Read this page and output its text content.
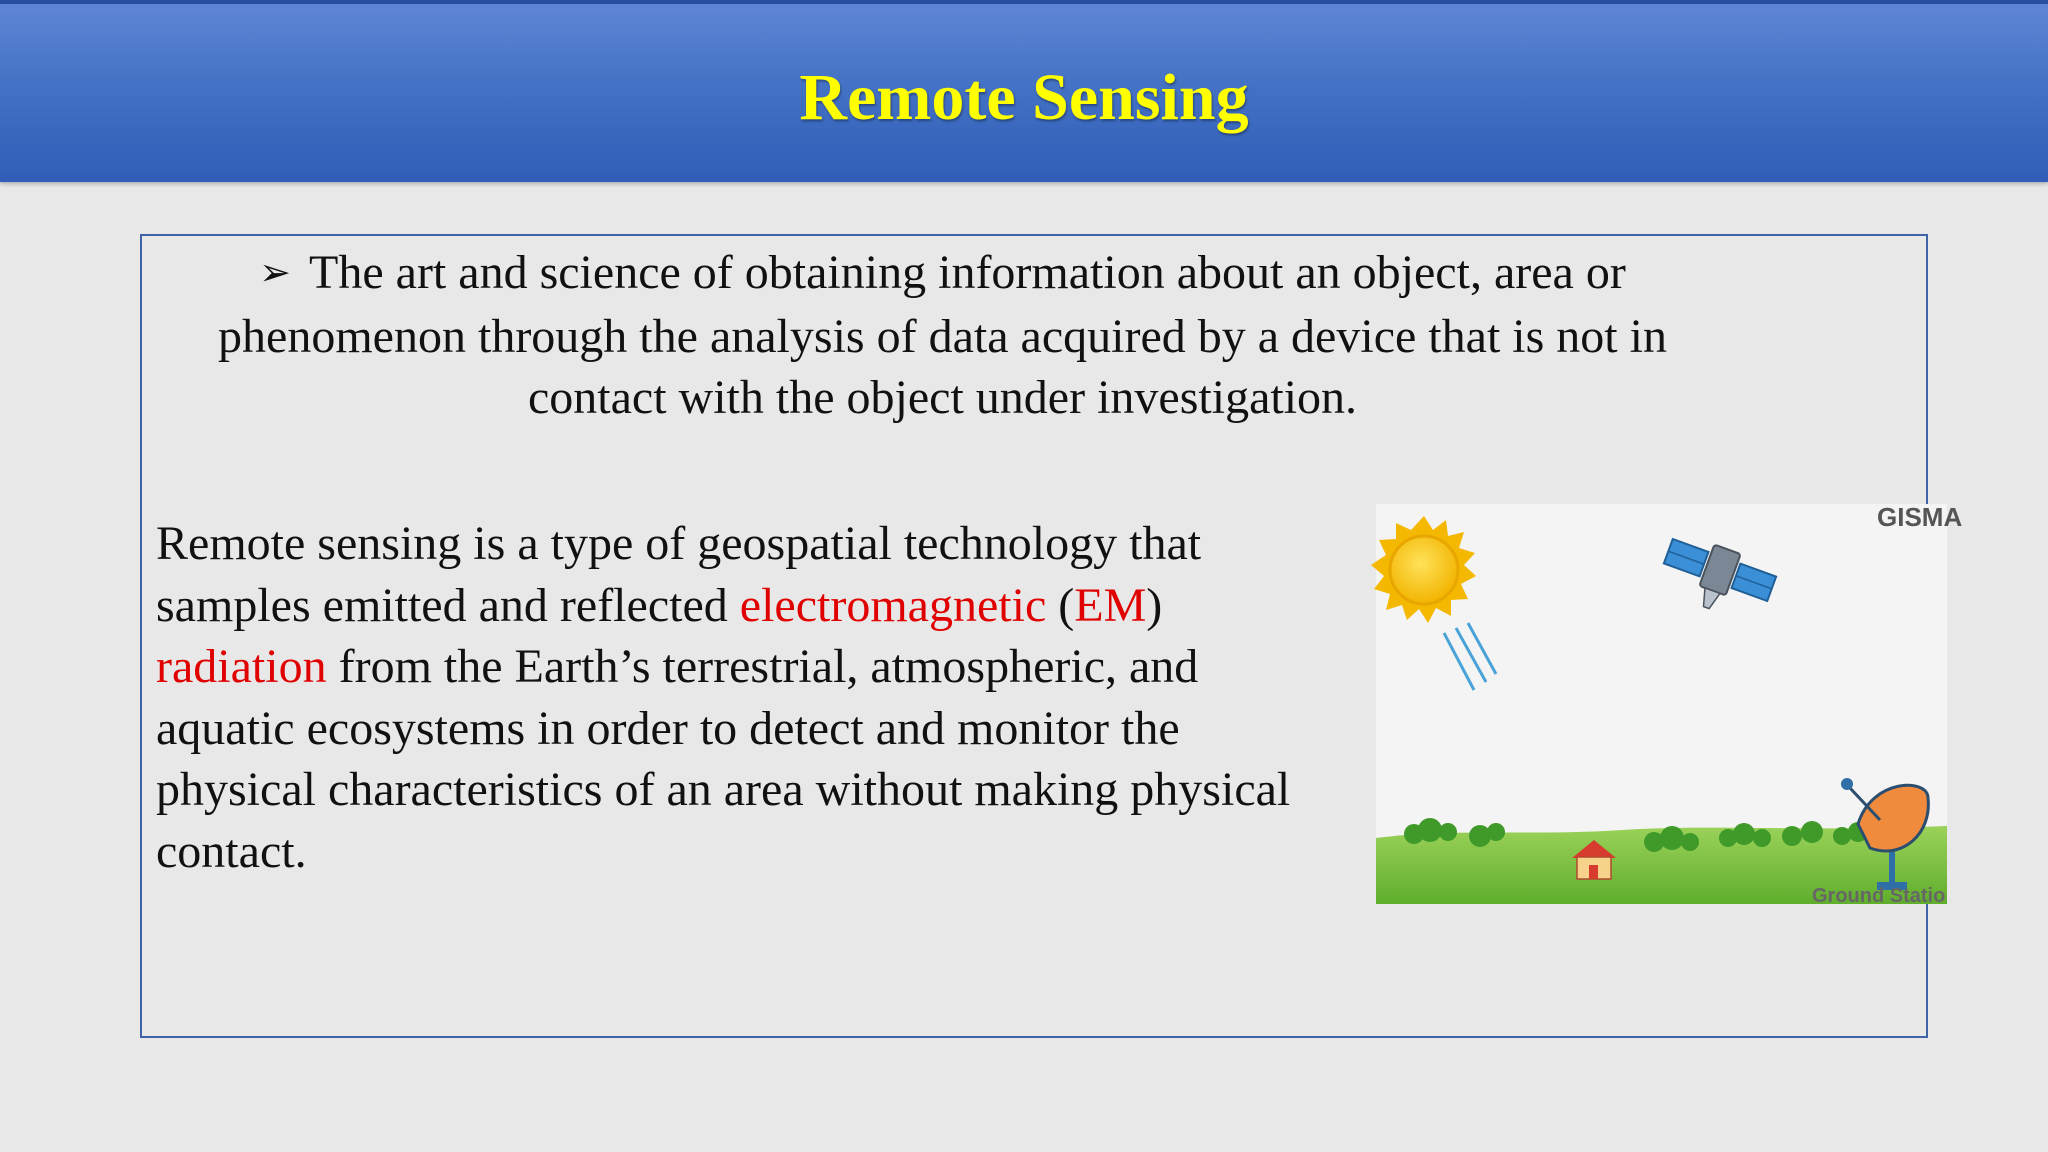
Remote Sensing
➢ The art and science of obtaining information about an object, area or
phenomenon through the analysis of data acquired by a device that is not in
contact with the object under investigation.
Remote sensing is a type of geospatial technology that
samples emitted and reflected electromagnetic (EM)
radiation from the Earth’s terrestrial, atmospheric, and
aquatic ecosystems in order to detect and monitor the
physical characteristics of an area without making physical
contact.
GISMA
Ground Statio
